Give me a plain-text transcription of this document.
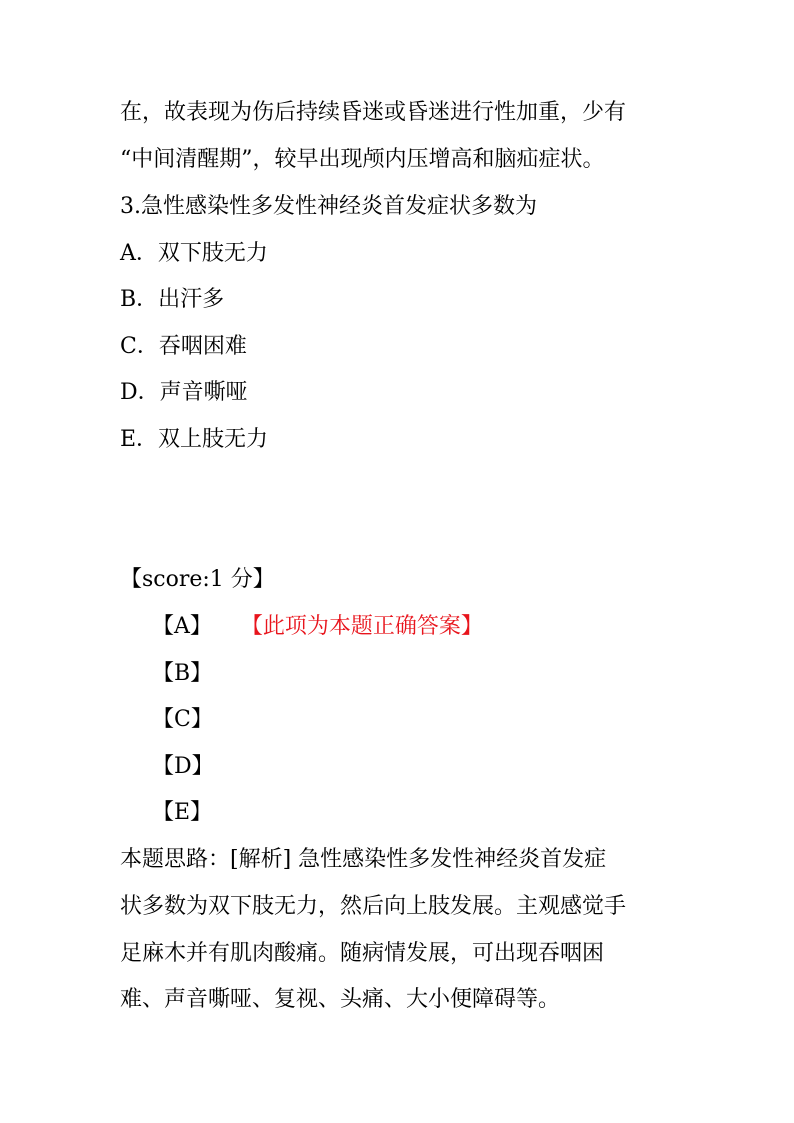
在，故表现为伤后持续昏迷或昏迷进行性加重，少有
“中间清醒期”，较早出现颅内压增高和脑疝症状。
3.急性感染性多发性神经炎首发症状多数为
A．双下肢无力
B．出汗多
C．吞咽困难
D．声音嘶哑
E．双上肢无力
【score:1 分】
【A】 【此项为本题正确答案】
【B】
【C】
【D】
【E】
本题思路：[解析] 急性感染性多发性神经炎首发症
状多数为双下肢无力，然后向上肢发展。主观感觉手
足麻木并有肌肉酸痛。随病情发展，可出现吞咽困
难、声音嘶哑、复视、头痛、大小便障碍等。
